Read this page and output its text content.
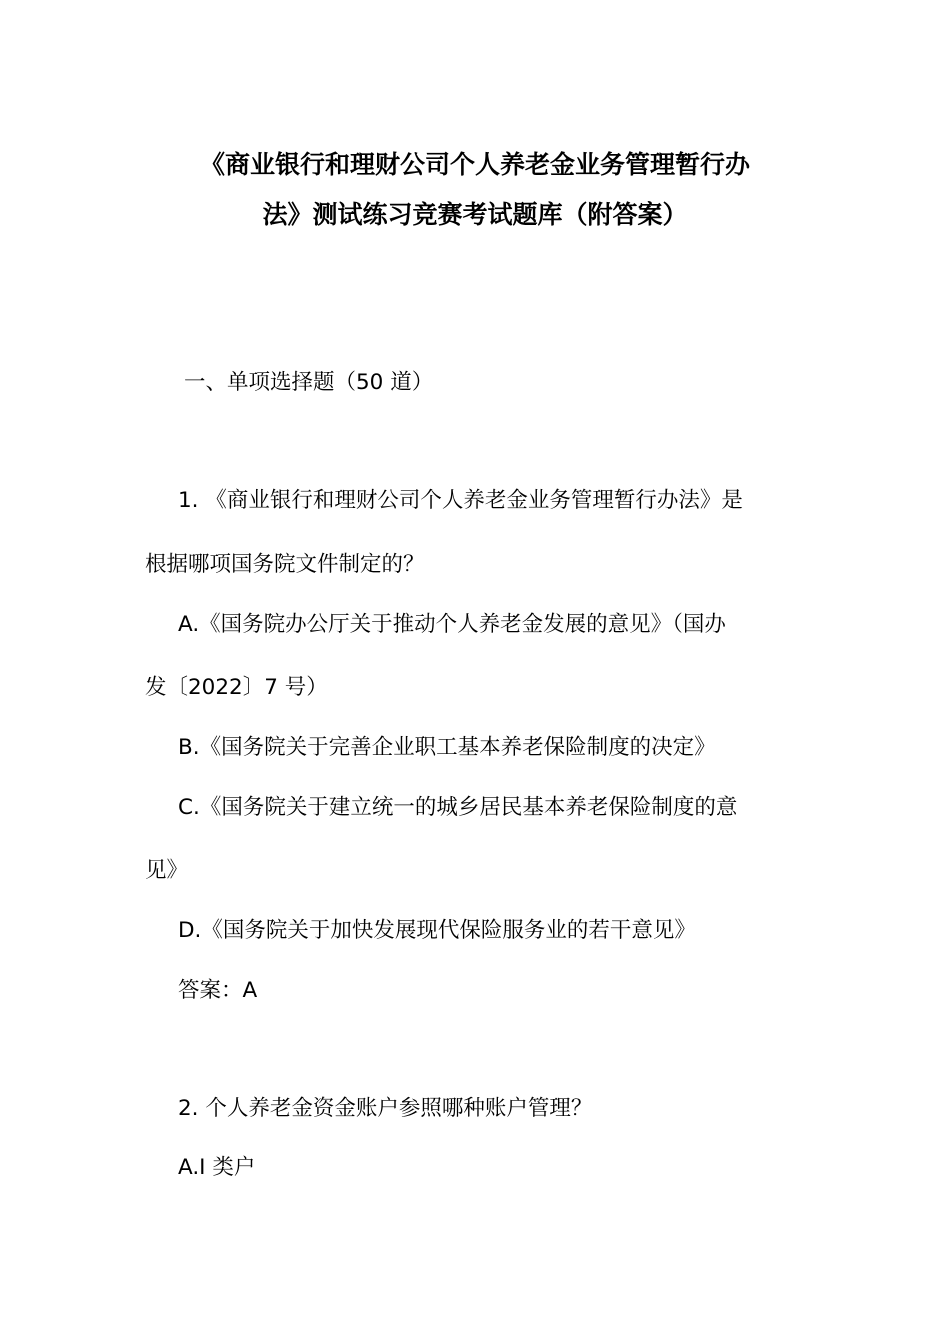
《商业银行和理财公司个人养老金业务管理暂行办
法》测试练习竞赛考试题库（附答案）
一、单项选择题（50 道）
1. 《商业银行和理财公司个人养老金业务管理暂行办法》是
根据哪项国务院文件制定的？
A.《国务院办公厅关于推动个人养老金发展的意见》（国办
发〔2022〕7 号）
B.《国务院关于完善企业职工基本养老保险制度的决定》
C.《国务院关于建立统一的城乡居民基本养老保险制度的意
见》
D.《国务院关于加快发展现代保险服务业的若干意见》
答案：A
2. 个人养老金资金账户参照哪种账户管理？
A.I 类户
